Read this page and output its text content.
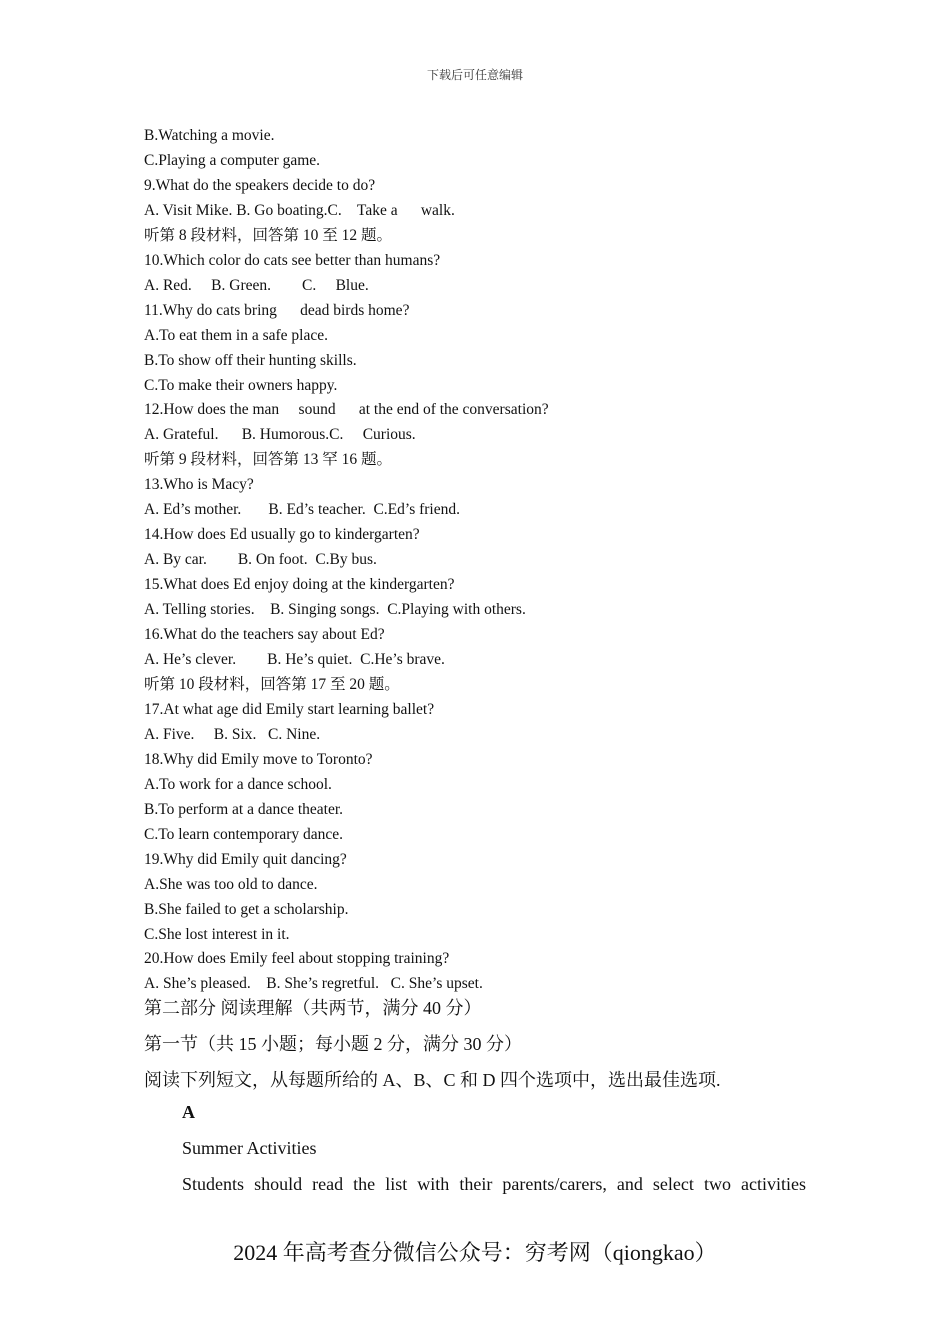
下载后可任意编辑
B.Watching a movie.
C.Playing a computer game.
9.What do the speakers decide to do?
A. Visit Mike. B. Go boating.C.    Take a      walk.
听第 8 段材料，回答第 10 至 12 题。
10.Which color do cats see better than humans?
A. Red.     B. Green.        C.     Blue.
11.Why do cats bring      dead birds home?
A.To eat them in a safe place.
B.To show off their hunting skills.
C.To make their owners happy.
12.How does the man     sound      at the end of the conversation?
A. Grateful.      B. Humorous.C.     Curious.
听第 9 段材料，回答第 13 罕 16 题。
13.Who is Macy?
A. Ed’s mother.       B. Ed’s teacher.  C.Ed’s friend.
14.How does Ed usually go to kindergarten?
A. By car.        B. On foot.  C.By bus.
15.What does Ed enjoy doing at the kindergarten?
A. Telling stories.    B. Singing songs.  C.Playing with others.
16.What do the teachers say about Ed?
A. He’s clever.        B. He’s quiet.  C.He’s brave.
听第 10 段材料，回答第 17 至 20 题。
17.At what age did Emily start learning ballet?
A. Five.     B. Six.   C. Nine.
18.Why did Emily move to Toronto?
A.To work for a dance school.
B.To perform at a dance theater.
C.To learn contemporary dance.
19.Why did Emily quit dancing?
A.She was too old to dance.
B.She failed to get a scholarship.
C.She lost interest in it.
20.How does Emily feel about stopping training?
A. She’s pleased.    B. She’s regretful.   C. She’s upset.
第二部分 阅读理解（共两节，满分 40 分）
第一节（共 15 小题；每小题 2 分，满分 30 分）
阅读下列短文，从每题所给的 A、B、C 和 D 四个选项中，选出最佳选项.
A
Summer Activities
Students should read the list with their parents/carers, and select two activities
2024 年高考查分微信公众号：穷考网（qiongkao）
